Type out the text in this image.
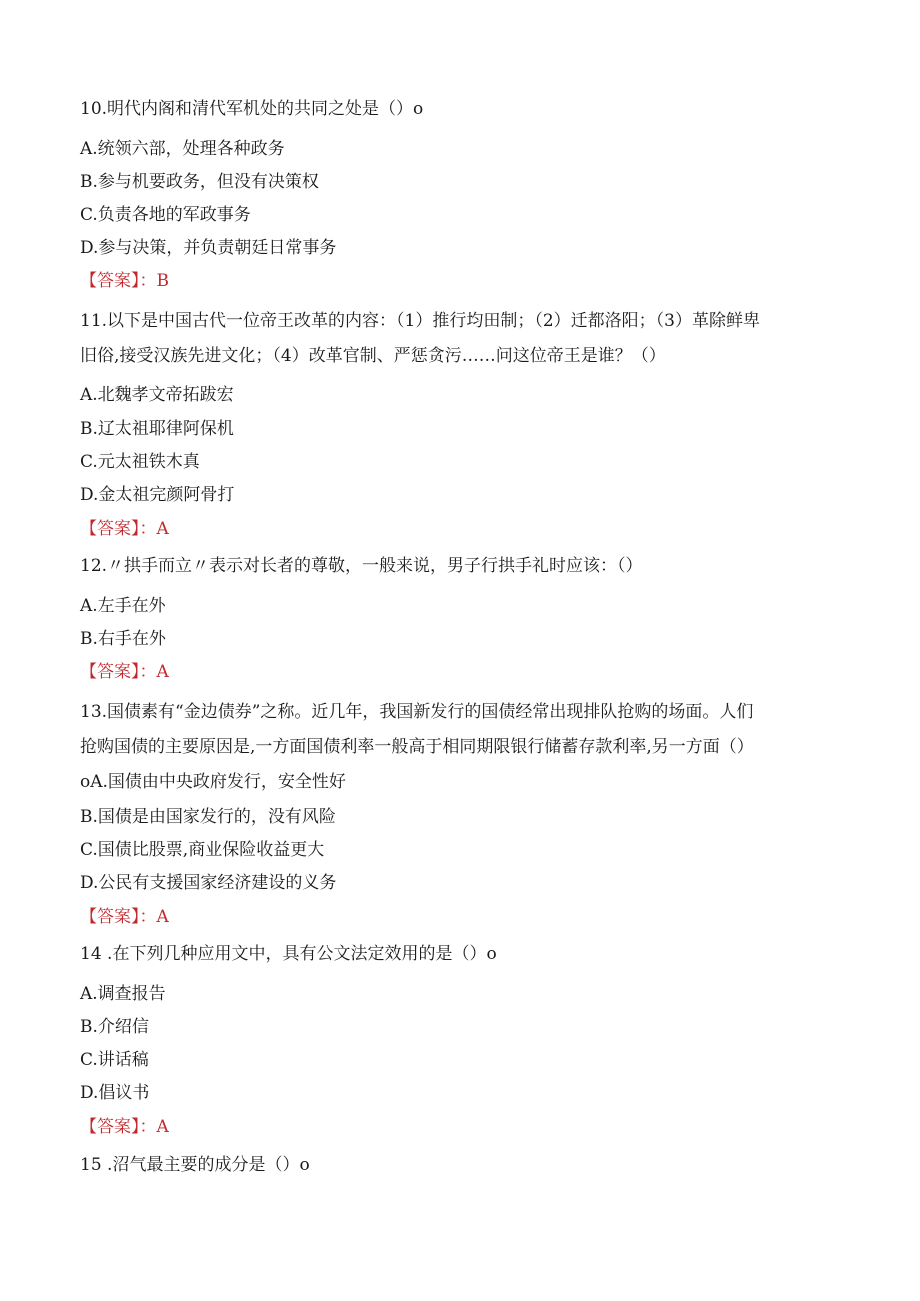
10.明代内阁和清代军机处的共同之处是（）o
A.统领六部，处理各种政务
B.参与机要政务，但没有决策权
C.负责各地的军政事务
D.参与决策，并负责朝廷日常事务
【答案】：B
11.以下是中国古代一位帝王改革的内容：（1）推行均田制；（2）迁都洛阳；（3）革除鲜卑
旧俗,接受汉族先进文化；（4）改革官制、严惩贪污……问这位帝王是谁？（）
A.北魏孝文帝拓跋宏
B.辽太祖耶律阿保机
C.元太祖铁木真
D.金太祖完颜阿骨打
【答案】：A
12.〃拱手而立〃表示对长者的尊敬，一般来说，男子行拱手礼时应该：（）
A.左手在外
B.右手在外
【答案】：A
13.国债素有“金边债券”之称。近几年，我国新发行的国债经常出现排队抢购的场面。人们
抢购国债的主要原因是,一方面国债利率一般高于相同期限银行储蓄存款利率,另一方面（）
oA.国债由中央政府发行，安全性好
B.国债是由国家发行的，没有风险
C.国债比股票,商业保险收益更大
D.公民有支援国家经济建设的义务
【答案】：A
14 .在下列几种应用文中，具有公文法定效用的是（）o
A.调查报告
B.介绍信
C.讲话稿
D.倡议书
【答案】：A
15 .沼气最主要的成分是（）o
